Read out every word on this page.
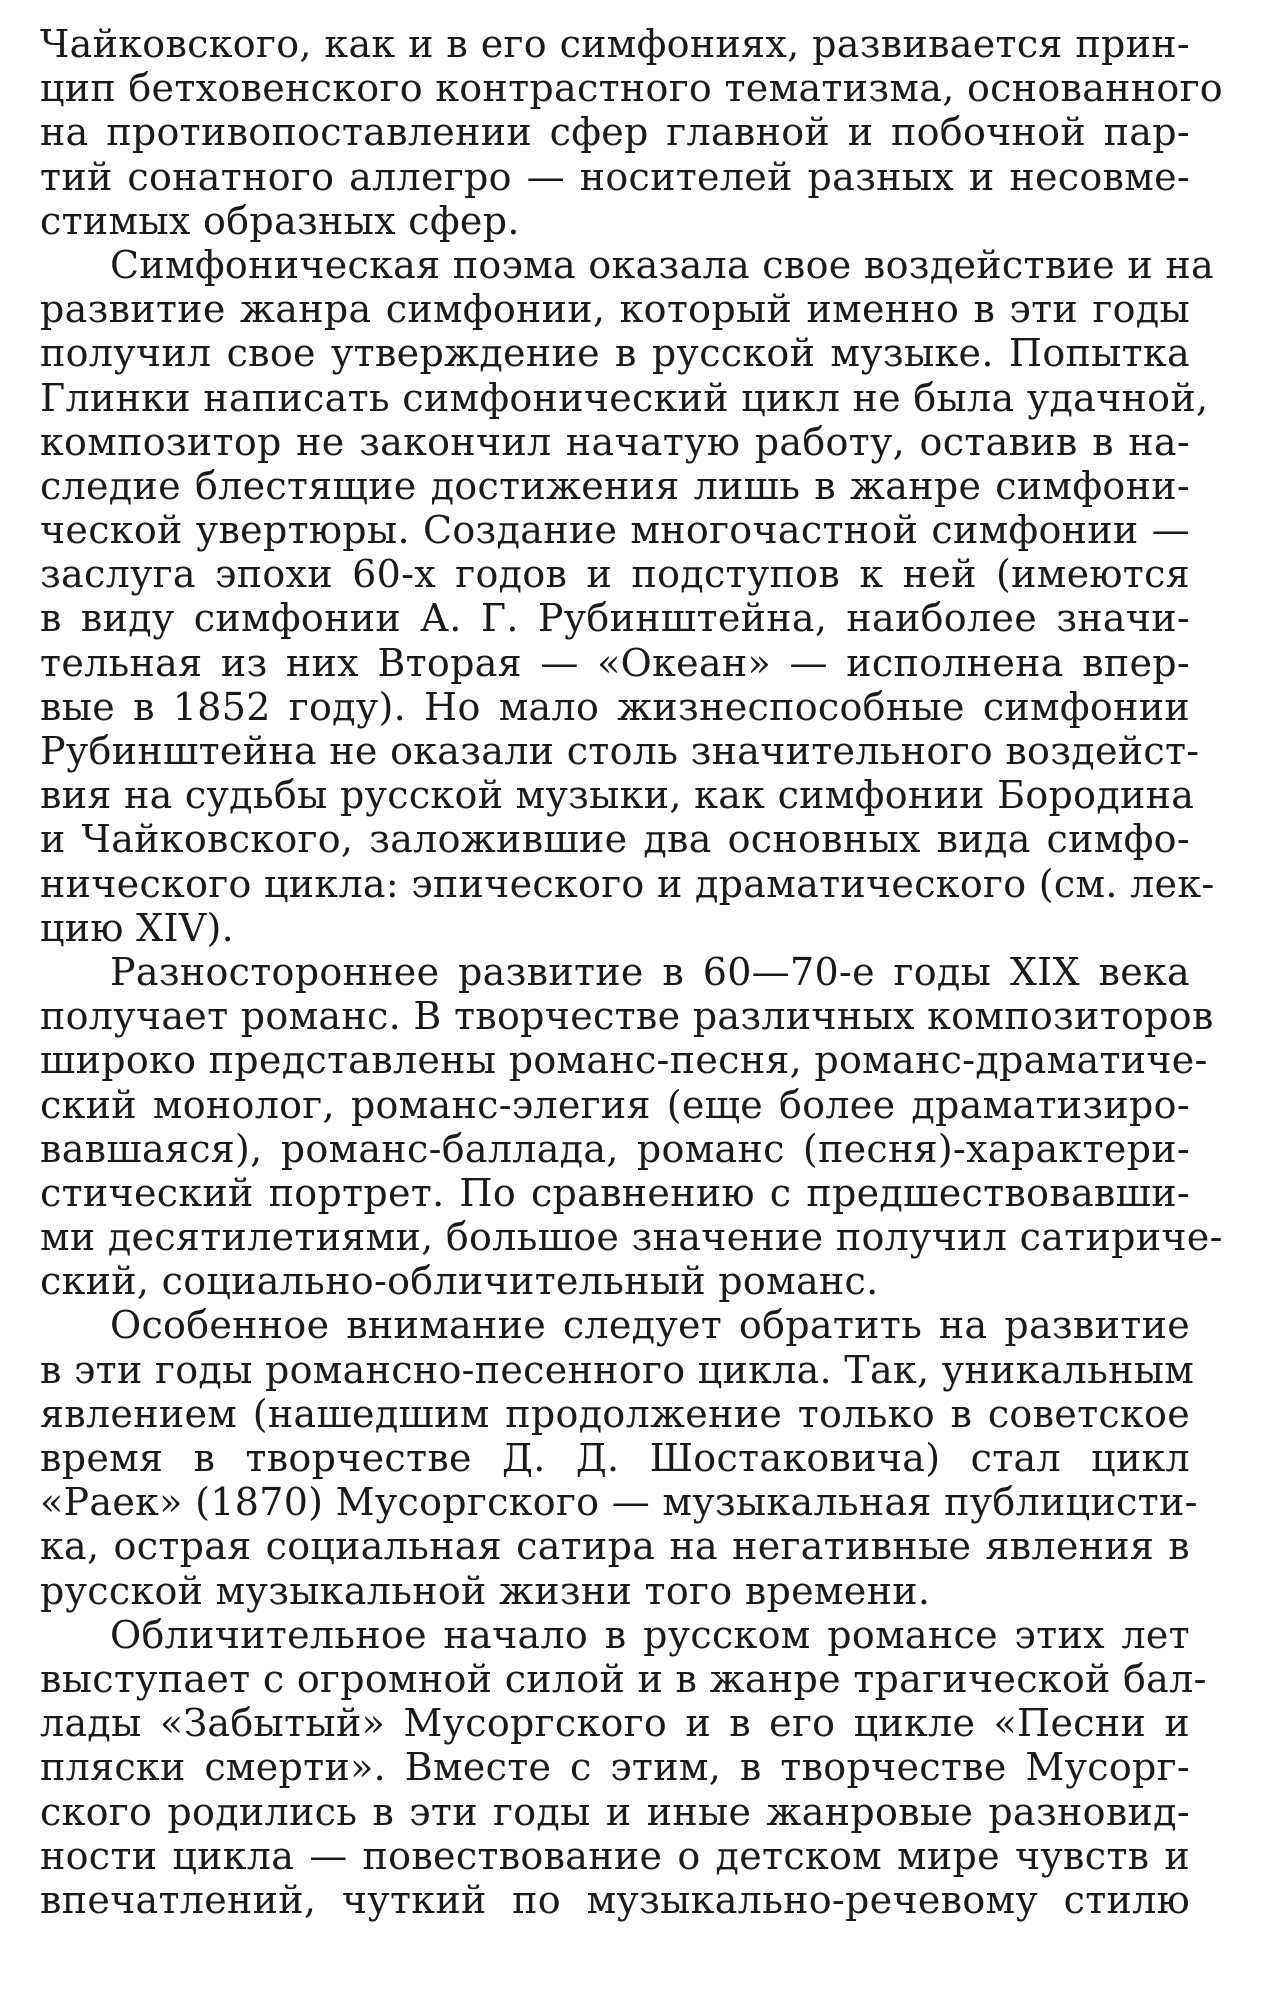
Чайковского, как и в его симфониях, развивается прин-
цип бетховенского контрастного тематизма, основанного
на противопоставлении сфер главной и побочной пар-
тий сонатного аллегро — носителей разных и несовме-
стимых образных сфер.
Симфоническая поэма оказала свое воздействие и на
развитие жанра симфонии, который именно в эти годы
получил свое утверждение в русской музыке. Попытка
Глинки написать симфонический цикл не была удачной,
композитор не закончил начатую работу, оставив в на-
следие блестящие достижения лишь в жанре симфони-
ческой увертюры. Создание многочастной симфонии —
заслуга эпохи 60-х годов и подступов к ней (имеются
в виду симфонии А. Г. Рубинштейна, наиболее значи-
тельная из них Вторая — «Океан» — исполнена впер-
вые в 1852 году). Но мало жизнеспособные симфонии
Рубинштейна не оказали столь значительного воздейст-
вия на судьбы русской музыки, как симфонии Бородина
и Чайковского, заложившие два основных вида симфо-
нического цикла: эпического и драматического (см. лек-
цию XIV).
Разностороннее развитие в 60—70-е годы XIX века
получает романс. В творчестве различных композиторов
широко представлены романс-песня, романс-драматиче-
ский монолог, романс-элегия (еще более драматизиро-
вавшаяся), романс-баллада, романс (песня)-характери-
стический портрет. По сравнению с предшествовавши-
ми десятилетиями, большое значение получил сатириче-
ский, социально-обличительный романс.
Особенное внимание следует обратить на развитие
в эти годы романсно-песенного цикла. Так, уникальным
явлением (нашедшим продолжение только в советское
время в творчестве Д. Д. Шостаковича) стал цикл
«Раек» (1870) Мусоргского — музыкальная публицисти-
ка, острая социальная сатира на негативные явления в
русской музыкальной жизни того времени.
Обличительное начало в русском романсе этих лет
выступает с огромной силой и в жанре трагической бал-
лады «Забытый» Мусоргского и в его цикле «Песни и
пляски смерти». Вместе с этим, в творчестве Мусорг-
ского родились в эти годы и иные жанровые разновид-
ности цикла — повествование о детском мире чувств и
впечатлений, чуткий по музыкально-речевому стилю
